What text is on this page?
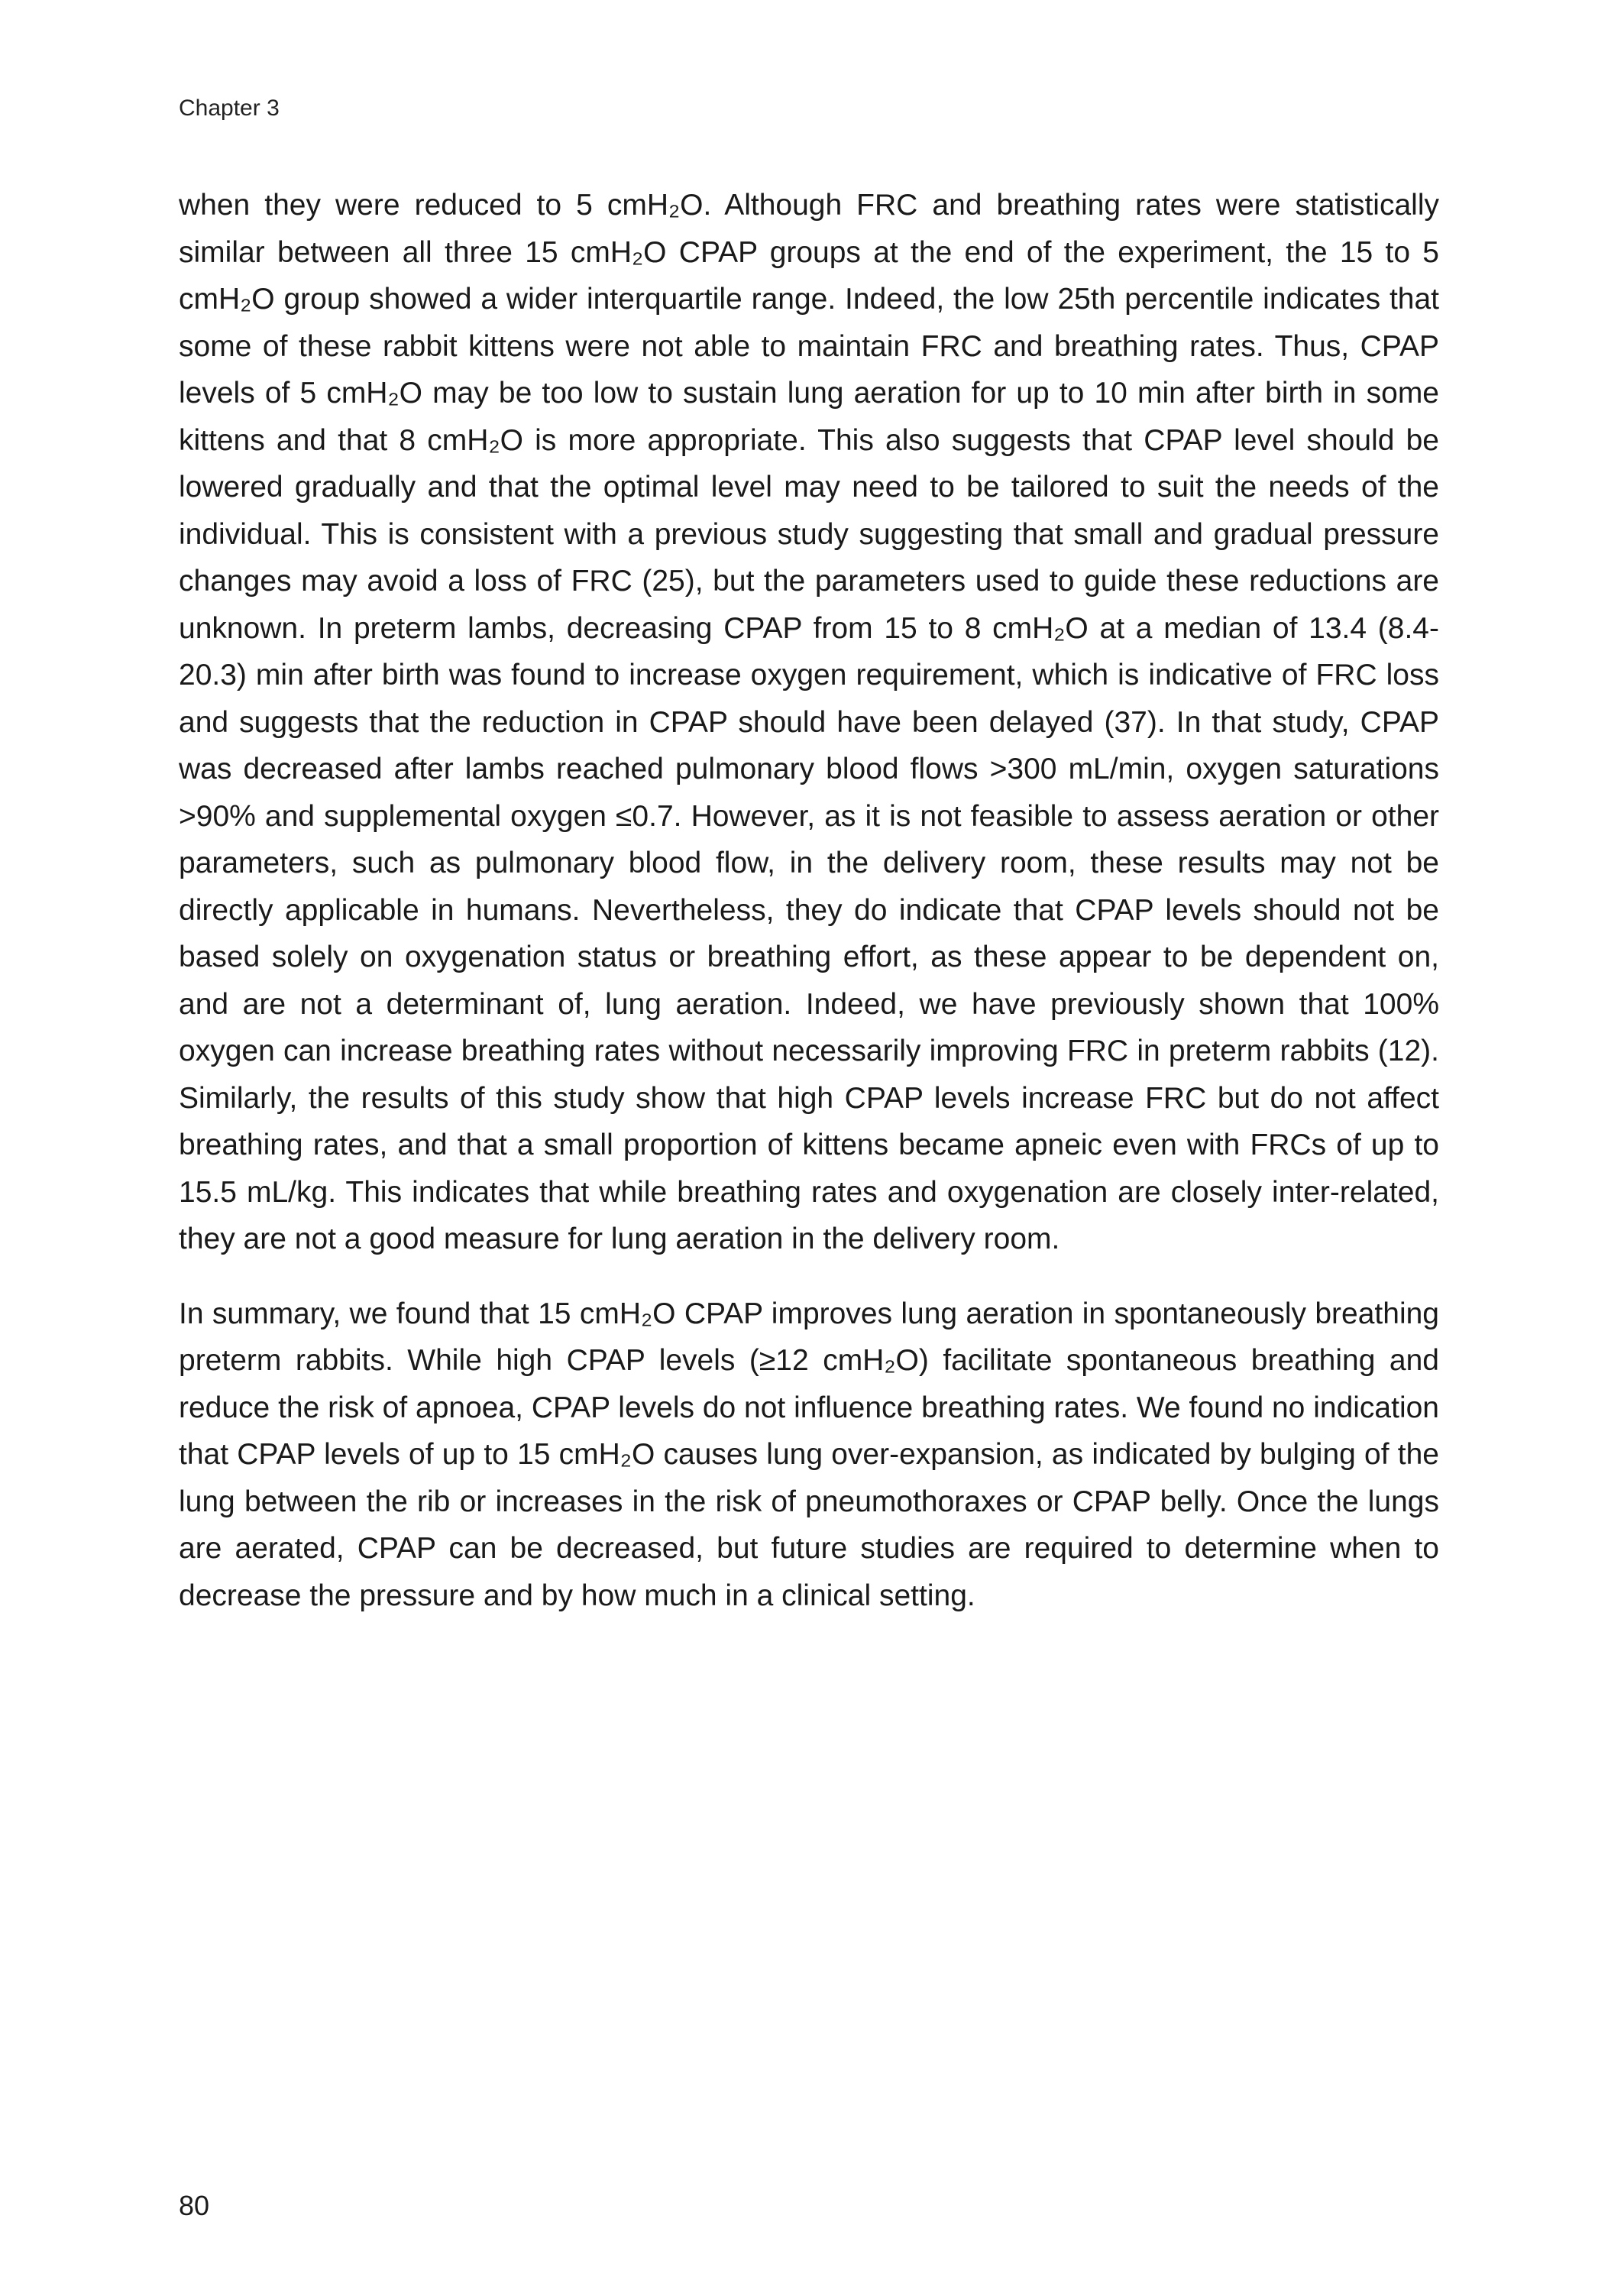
Chapter 3

when they were reduced to 5 cmH₂O. Although FRC and breathing rates were statistically similar between all three 15 cmH₂O CPAP groups at the end of the experiment, the 15 to 5 cmH₂O group showed a wider interquartile range. Indeed, the low 25th percentile indicates that some of these rabbit kittens were not able to maintain FRC and breathing rates. Thus, CPAP levels of 5 cmH₂O may be too low to sustain lung aeration for up to 10 min after birth in some kittens and that 8 cmH₂O is more appropriate. This also suggests that CPAP level should be lowered gradually and that the optimal level may need to be tailored to suit the needs of the individual. This is consistent with a previous study suggesting that small and gradual pressure changes may avoid a loss of FRC (25), but the parameters used to guide these reductions are unknown. In preterm lambs, decreasing CPAP from 15 to 8 cmH₂O at a median of 13.4 (8.4-20.3) min after birth was found to increase oxygen requirement, which is indicative of FRC loss and suggests that the reduction in CPAP should have been delayed (37). In that study, CPAP was decreased after lambs reached pulmonary blood flows >300 mL/min, oxygen saturations >90% and supplemental oxygen ≤0.7. However, as it is not feasible to assess aeration or other parameters, such as pulmonary blood flow, in the delivery room, these results may not be directly applicable in humans. Nevertheless, they do indicate that CPAP levels should not be based solely on oxygenation status or breathing effort, as these appear to be dependent on, and are not a determinant of, lung aeration. Indeed, we have previously shown that 100% oxygen can increase breathing rates without necessarily improving FRC in preterm rabbits (12). Similarly, the results of this study show that high CPAP levels increase FRC but do not affect breathing rates, and that a small proportion of kittens became apneic even with FRCs of up to 15.5 mL/kg. This indicates that while breathing rates and oxygenation are closely inter-related, they are not a good measure for lung aeration in the delivery room.

In summary, we found that 15 cmH₂O CPAP improves lung aeration in spontaneously breathing preterm rabbits. While high CPAP levels (≥12 cmH₂O) facilitate spontaneous breathing and reduce the risk of apnoea, CPAP levels do not influence breathing rates. We found no indication that CPAP levels of up to 15 cmH₂O causes lung over-expansion, as indicated by bulging of the lung between the rib or increases in the risk of pneumothoraxes or CPAP belly. Once the lungs are aerated, CPAP can be decreased, but future studies are required to determine when to decrease the pressure and by how much in a clinical setting.

80
